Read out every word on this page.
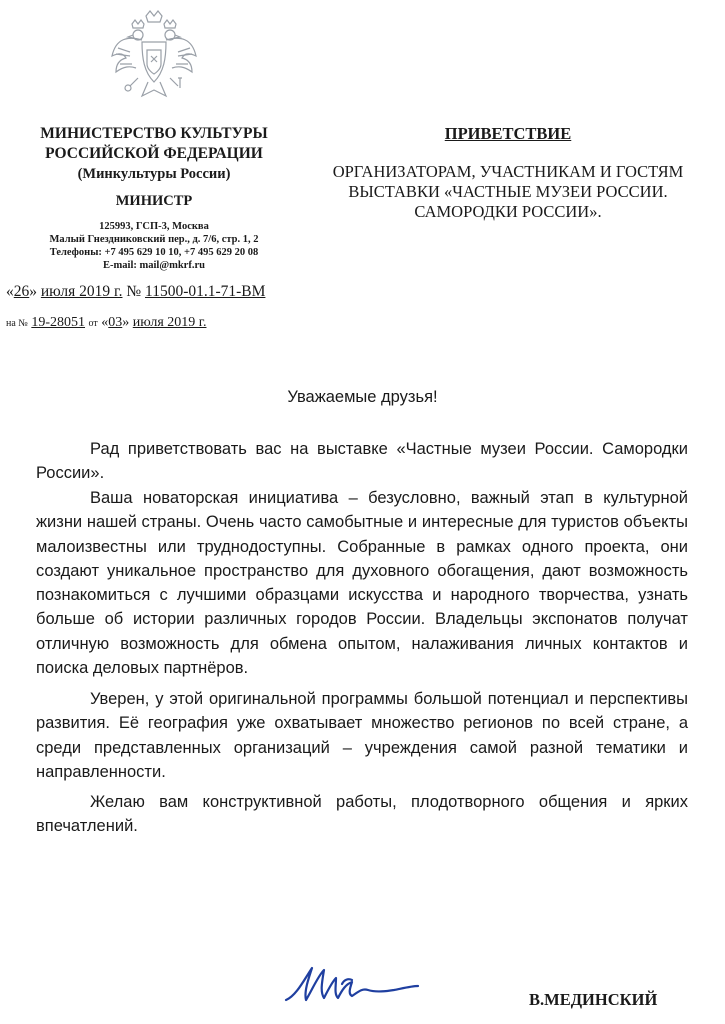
МИНИСТЕРСТВО КУЛЬТУРЫ
РОССИЙСКОЙ ФЕДЕРАЦИИ
(Минкультуры России)
МИНИСТР
125993, ГСП-3, Москва
Малый Гнездниковский пер., д. 7/6, стр. 1, 2
Телефоны: +7 495 629 10 10, +7 495 629 20 08
E-mail: mail@mkrf.ru
«26» июля 2019 г. № 11500-01.1-71-ВМ
на № 19-28051 от «03» июля 2019 г.
ПРИВЕТСТВИЕ
ОРГАНИЗАТОРАМ, УЧАСТНИКАМ И ГОСТЯМ ВЫСТАВКИ «ЧАСТНЫЕ МУЗЕИ РОССИИ. САМОРОДКИ РОССИИ».
Уважаемые друзья!
Рад приветствовать вас на выставке «Частные музеи России. Самородки России».
Ваша новаторская инициатива – безусловно, важный этап в культурной жизни нашей страны. Очень часто самобытные и интересные для туристов объекты малоизвестны или труднодоступны. Собранные в рамках одного проекта, они создают уникальное пространство для духовного обогащения, дают возможность познакомиться с лучшими образцами искусства и народного творчества, узнать больше об истории различных городов России. Владельцы экспонатов получат отличную возможность для обмена опытом, налаживания личных контактов и поиска деловых партнёров.
Уверен, у этой оригинальной программы большой потенциал и перспективы развития. Её география уже охватывает множество регионов по всей стране, а среди представленных организаций – учреждения самой разной тематики и направленности.
Желаю вам конструктивной работы, плодотворного общения и ярких впечатлений.
В.МЕДИНСКИЙ
